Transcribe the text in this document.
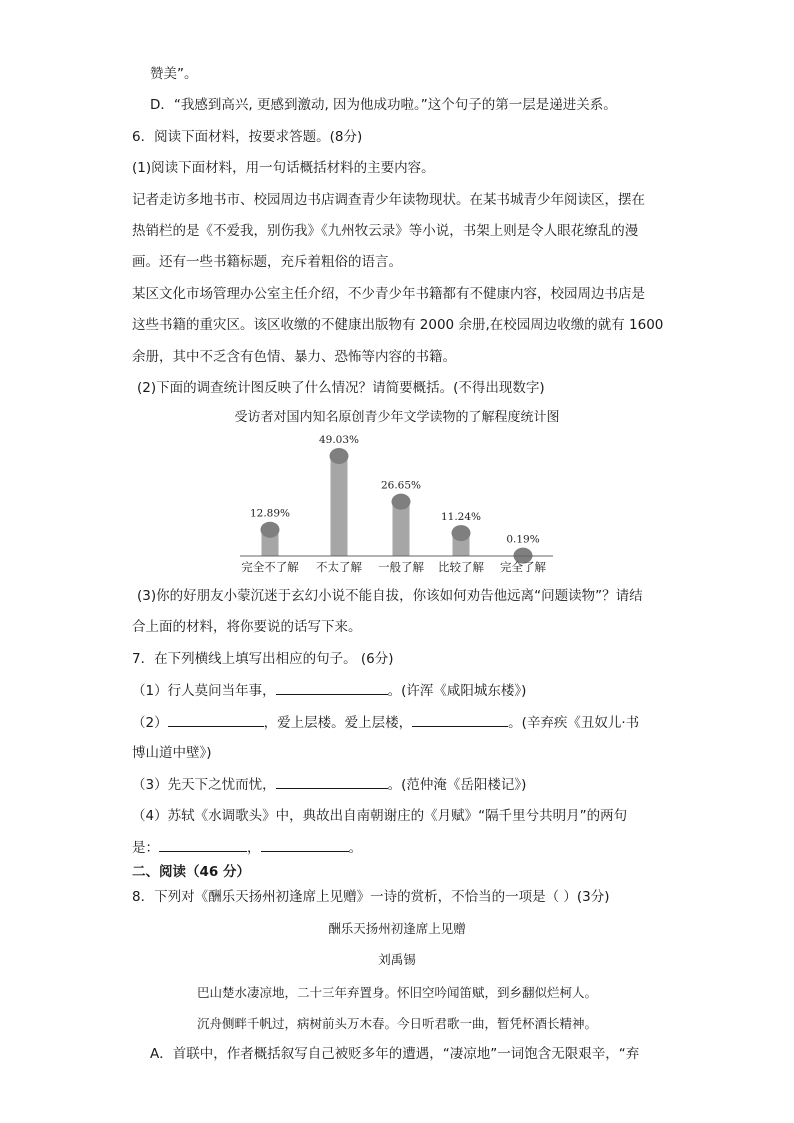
赞美”。
D．“我感到高兴, 更感到激动, 因为他成功啦。”这个句子的第一层是递进关系。
6．阅读下面材料，按要求答题。(8分)
(1)阅读下面材料，用一句话概括材料的主要内容。
记者走访多地书市、校园周边书店调查青少年读物现状。在某书城青少年阅读区，摆在
热销栏的是《不爱我，别伤我》《九州牧云录》等小说，书架上则是令人眼花缭乱的漫
画。还有一些书籍标题，充斥着粗俗的语言。
某区文化市场管理办公室主任介绍，不少青少年书籍都有不健康内容，校园周边书店是
这些书籍的重灾区。该区收缴的不健康出版物有 2000 余册,在校园周边收缴的就有 1600
余册，其中不乏含有色情、暴力、恐怖等内容的书籍。
(2)下面的调查统计图反映了什么情况？请简要概括。(不得出现数字)
受访者对国内知名原创青少年文学读物的了解程度统计图
12.89%
完全不了解
49.03%
不太了解
26.65%
一般了解
11.24%
比较了解
0.19%
完全了解
(3)你的好朋友小蒙沉迷于玄幻小说不能自拔，你该如何劝告他远离“问题读物”？请结
合上面的材料，将你要说的话写下来。
7．在下列横线上填写出相应的句子。 (6分)
（1）行人莫问当年事，	。(许浑《咸阳城东楼》)
（2）	，爱上层楼。爱上层楼，	。(辛弃疾《丑奴儿·书
博山道中壁》)
（3）先天下之忧而忧，	。(范仲淹《岳阳楼记》)
（4）苏轼《水调歌头》中，典故出自南朝谢庄的《月赋》“隔千里兮共明月”的两句
是：	，	。
二、阅读（46 分）
8．下列对《酬乐天扬州初逢席上见赠》一诗的赏析，不恰当的一项是（ ）(3分)
酬乐天扬州初逢席上见赠
刘禹锡
巴山楚水凄凉地，二十三年弃置身。怀旧空吟闻笛赋，到乡翻似烂柯人。
沉舟侧畔千帆过，病树前头万木春。今日听君歌一曲，暂凭杯酒长精神。
A．首联中，作者概括叙写自己被贬多年的遭遇，“凄凉地”一词饱含无限艰辛，“弃
